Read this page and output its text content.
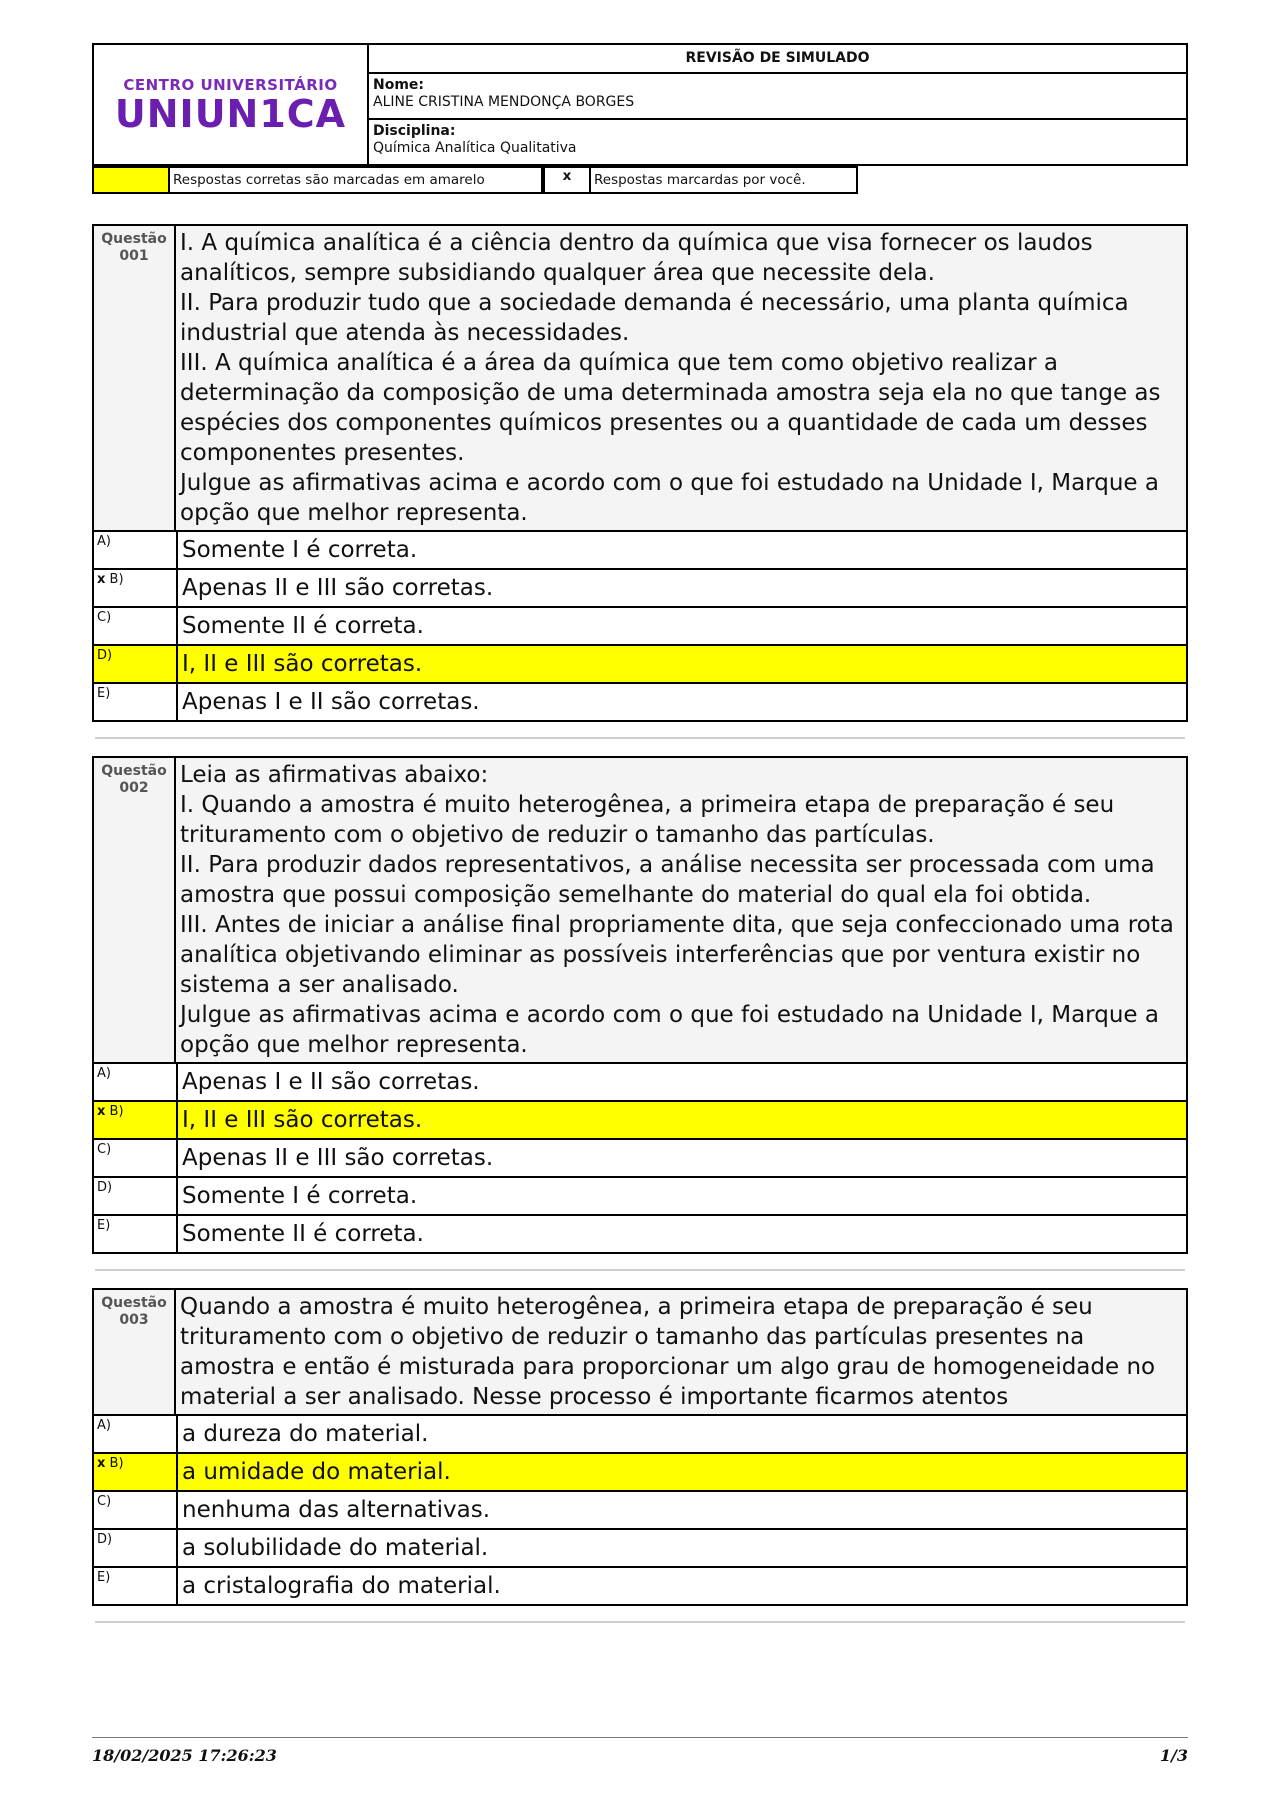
CENTRO UNIVERSITÁRIO
UNIUN1CA
REVISÃO DE SIMULADO
Nome:
ALINE CRISTINA MENDONÇA BORGES
Disciplina:
Química Analítica Qualitativa
Respostas corretas são marcadas em amarelo	x	Respostas marcardas por você.
Questão
001	I. A química analítica é a ciência dentro da química que visa fornecer os laudos analíticos, sempre subsidiando qualquer área que necessite dela.
II. Para produzir tudo que a sociedade demanda é necessário, uma planta química industrial que atenda às necessidades.
III. A química analítica é a área da química que tem como objetivo realizar a determinação da composição de uma determinada amostra seja ela no que tange as espécies dos componentes químicos presentes ou a quantidade de cada um desses componentes presentes.
Julgue as afirmativas acima e acordo com o que foi estudado na Unidade I, Marque a opção que melhor representa.
A)	Somente I é correta.
x B)	Apenas II e III são corretas.
C)	Somente II é correta.
D)	I, II e III são corretas.
E)	Apenas I e II são corretas.
Questão
002	Leia as afirmativas abaixo:
I. Quando a amostra é muito heterogênea, a primeira etapa de preparação é seu trituramento com o objetivo de reduzir o tamanho das partículas.
II. Para produzir dados representativos, a análise necessita ser processada com uma amostra que possui composição semelhante do material do qual ela foi obtida.
III. Antes de iniciar a análise final propriamente dita, que seja confeccionado uma rota analítica objetivando eliminar as possíveis interferências que por ventura existir no sistema a ser analisado.
Julgue as afirmativas acima e acordo com o que foi estudado na Unidade I, Marque a opção que melhor representa.
A)	Apenas I e II são corretas.
x B)	I, II e III são corretas.
C)	Apenas II e III são corretas.
D)	Somente I é correta.
E)	Somente II é correta.
Questão
003	Quando a amostra é muito heterogênea, a primeira etapa de preparação é seu trituramento com o objetivo de reduzir o tamanho das partículas presentes na amostra e então é misturada para proporcionar um algo grau de homogeneidade no material a ser analisado. Nesse processo é importante ficarmos atentos
A)	a dureza do material.
x B)	a umidade do material.
C)	nenhuma das alternativas.
D)	a solubilidade do material.
E)	a cristalografia do material.
18/02/2025 17:26:23	1/3
